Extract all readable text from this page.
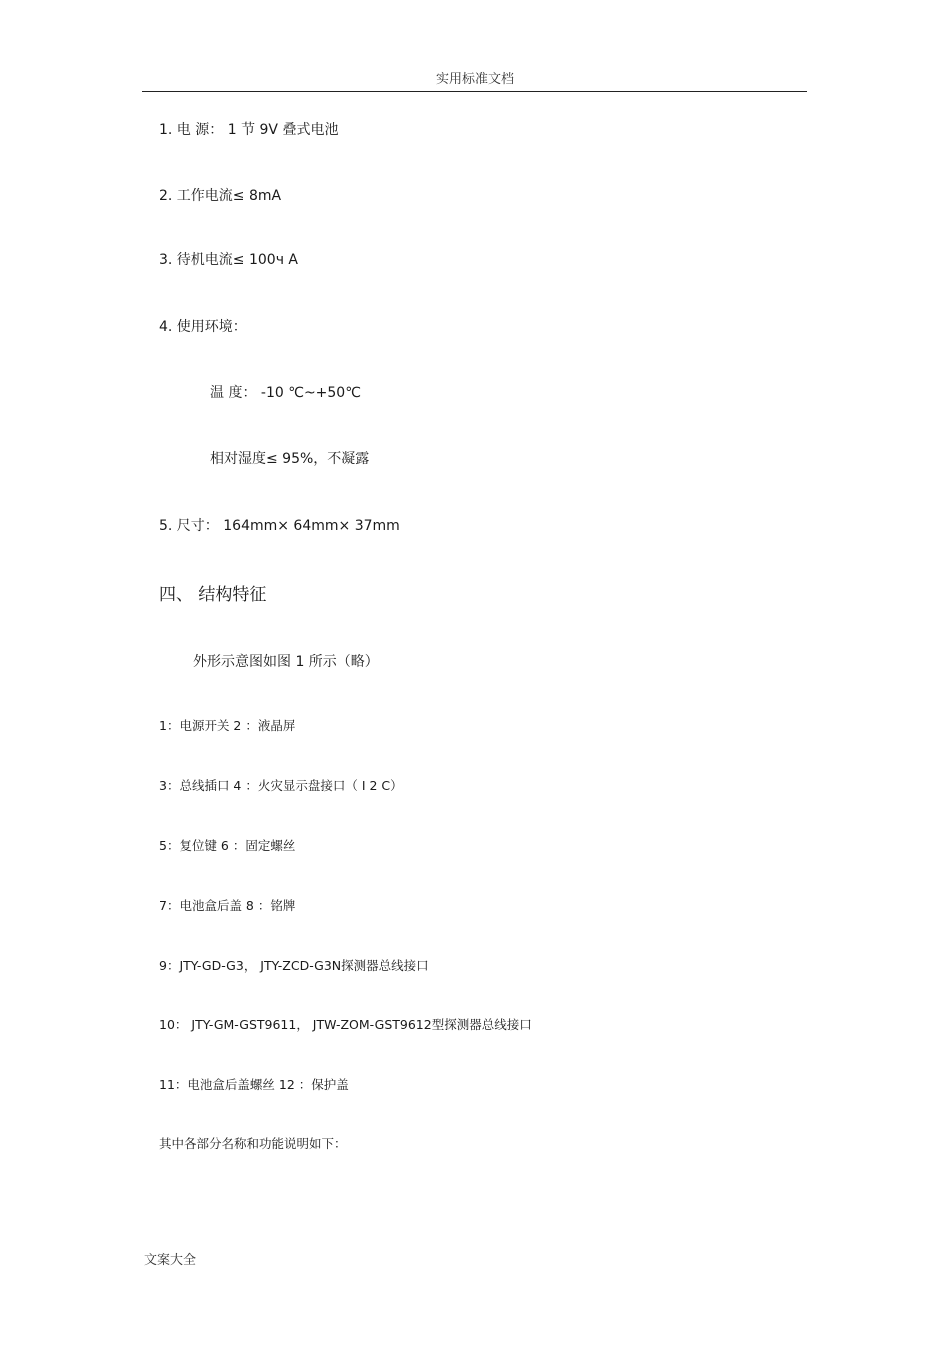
实用标准文档
1. 电 源： 1 节 9V 叠式电池
2. 工作电流≤ 8mA
3. 待机电流≤ 100ч A
4. 使用环境：
温 度： -10 ℃~+50℃
相对湿度≤ 95%，不凝露
5. 尺寸： 164mm× 64mm× 37mm
四、 结构特征
外形示意图如图 1 所示（略）
1：电源开关 2 ：液晶屏
3：总线插口 4 ：火灾显示盘接口（ I 2 C）
5：复位键 6 ：固定螺丝
7：电池盒后盖 8 ：铭牌
9：JTY-GD-G3， JTY-ZCD-G3N探测器总线接口
10： JTY-GM-GST9611， JTW-ZOM-GST9612型探测器总线接口
11：电池盒后盖螺丝 12 ：保护盖
其中各部分名称和功能说明如下：
文案大全
